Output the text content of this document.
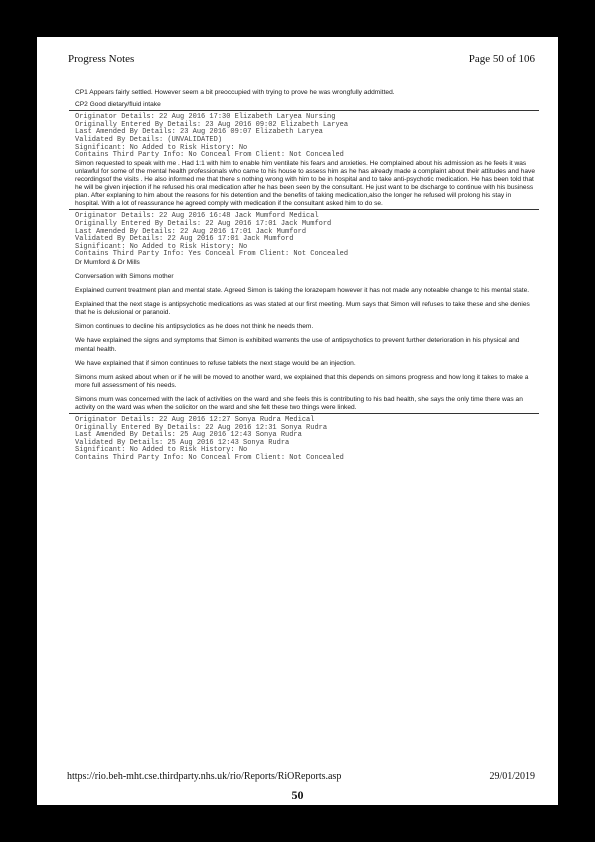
Progress Notes	Page 50 of 106

CP1 Appears fairly settled. However seem a bit preoccupied with trying to prove he was wrongfully addmitted.

CP2 Good dietary/fluid intake

Originator Details: 22 Aug 2016 17:30 Elizabeth Laryea Nursing
Originally Entered By Details: 23 Aug 2016 09:02 Elizabeth Laryea
Last Amended By Details: 23 Aug 2016 09:07 Elizabeth Laryea
Validated By Details: (UNVALIDATED)
Significant: No Added to Risk History: No
Contains Third Party Info: No Conceal From Client: Not Concealed

Simon requested to speak with me . Had 1:1 with him to enable him ventilate his fears and anxieties. He complained about his admission as he feels it was unlawful for some of the mental health professionals who came to his house to assess him as he has already made a complaint about their attitudes and have recordingsof the visits . He also informed me that there s nothing wrong with him to be in hospital and to take anti-psychotic medication. He has been told that he will be given injection if he refused his oral medication after he has been seen by the consultant. He just want to be dscharge to continue with his business plan. After explaning to him about the reasons for his detention and the benefits of taking medication,also the longer he refused will prolong his stay in hospital. With a lot of reassurance he agreed comply with medication if the consultant asked him to do se.

Originator Details: 22 Aug 2016 16:48 Jack Mumford Medical
Originally Entered By Details: 22 Aug 2016 17:01 Jack Mumford
Last Amended By Details: 22 Aug 2016 17:01 Jack Mumford
Validated By Details: 22 Aug 2016 17:01 Jack Mumford
Significant: No Added to Risk History: No
Contains Third Party Info: Yes Conceal From Client: Not Concealed

Dr Mumford & Dr Mills

Conversation with Simons mother

Explained current treatment plan and mental state. Agreed Simon is taking the lorazepam however it has not made any noteable change tc his mental state.

Explained that the next stage is antipsychotic medications as was stated at our first meeting. Mum says that Simon will refuses to take these and she denies that he is delusional or paranoid.

Simon continues to decline his antipsyclotics as he does not think he needs them.

We have explained the signs and symptoms that Simon is exhibited warrents the use of antipsychotics to prevent further deterioration in his physical and mental health.

We have explained that if simon continues to refuse tablets the next stage would be an injection.

Simons mum asked about when or if he will be moved to another ward, we explained that this depends on simons progress and how long it takes to make a more full assessment of his needs.

Simons mum was concerned with the lack of activities on the ward and she feels this is contributing to his bad health, she says the only time there was an activity on the ward was when the solicitor on the ward and she felt these two things were linked.

Originator Details: 22 Aug 2016 12:27 Sonya Rudra Medical
Originally Entered By Details: 22 Aug 2016 12:31 Sonya Rudra
Last Amended By Details: 25 Aug 2016 12:43 Sonya Rudra
Validated By Details: 25 Aug 2016 12:43 Sonya Rudra
Significant: No Added to Risk History: No
Contains Third Party Info: No Conceal From Client: Not Concealed
https://rio.beh-mht.cse.thirdparty.nhs.uk/rio/Reports/RiOReports.asp	29/01/2019
50
